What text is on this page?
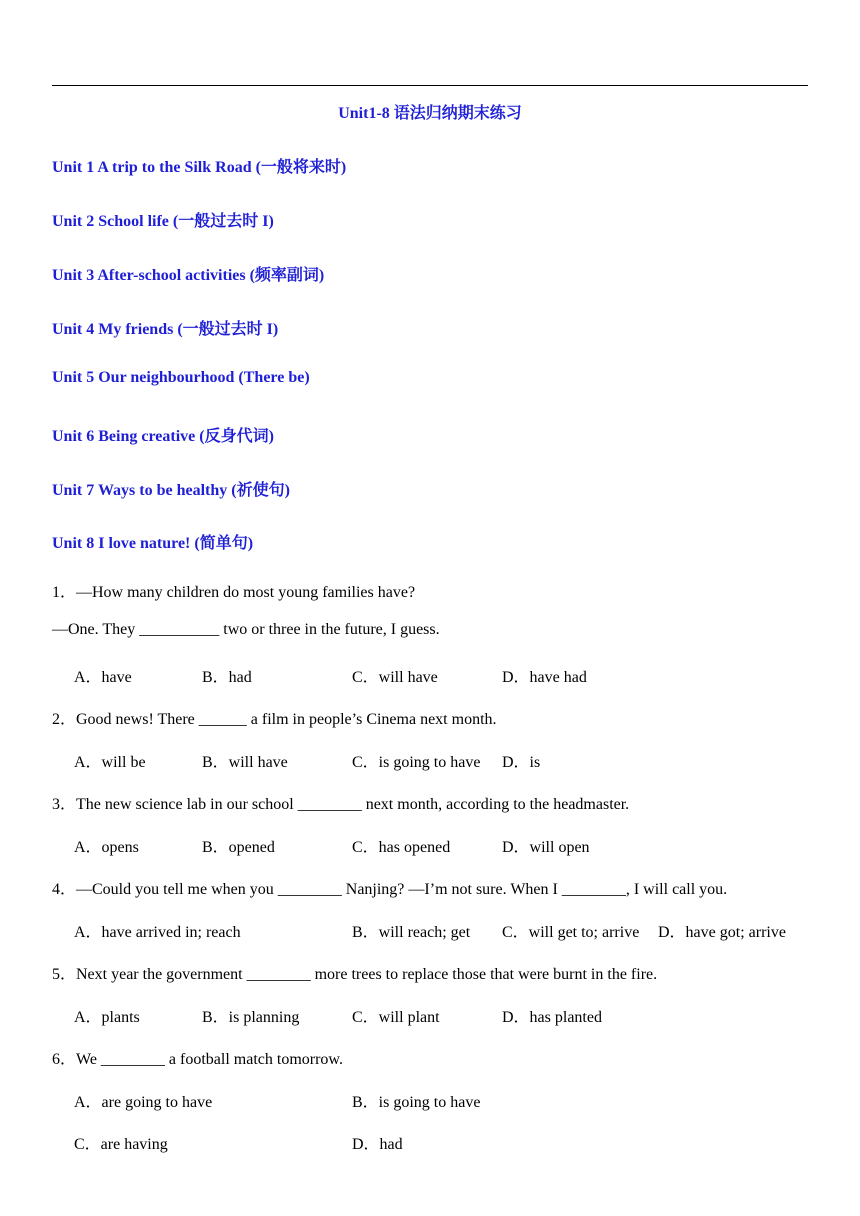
Unit1-8 语法归纳期末练习
Unit 1 A trip to the Silk Road (一般将来时)
Unit 2 School life (一般过去时 I)
Unit 3 After-school activities (频率副词)
Unit 4 My friends (一般过去时 I)
Unit 5 Our neighbourhood (There be)
Unit 6 Being creative (反身代词)
Unit 7 Ways to be healthy (祈使句)
Unit 8 I love nature! (简单句)
1．—How many children do most young families have?
—One. They __________ two or three in the future, I guess.
A．have	B．had	C．will have	D．have had
2．Good news! There ______ a film in people’s Cinema next month.
A．will be	B．will have	C．is going to have D．is
3．The new science lab in our school ________ next month, according to the headmaster.
A．opens	B．opened	C．has opened	D．will open
4．—Could you tell me when you ________ Nanjing? —I’m not sure. When I ________, I will call you.
A．have arrived in; reach	B．will reach; get C．will get to; arrive D．have got; arrive
5．Next year the government ________ more trees to replace those that were burnt in the fire.
A．plants	B．is planning	C．will plant	D．has planted
6．We ________ a football match tomorrow.
A．are going to have	B．is going to have
C．are having	D．had
